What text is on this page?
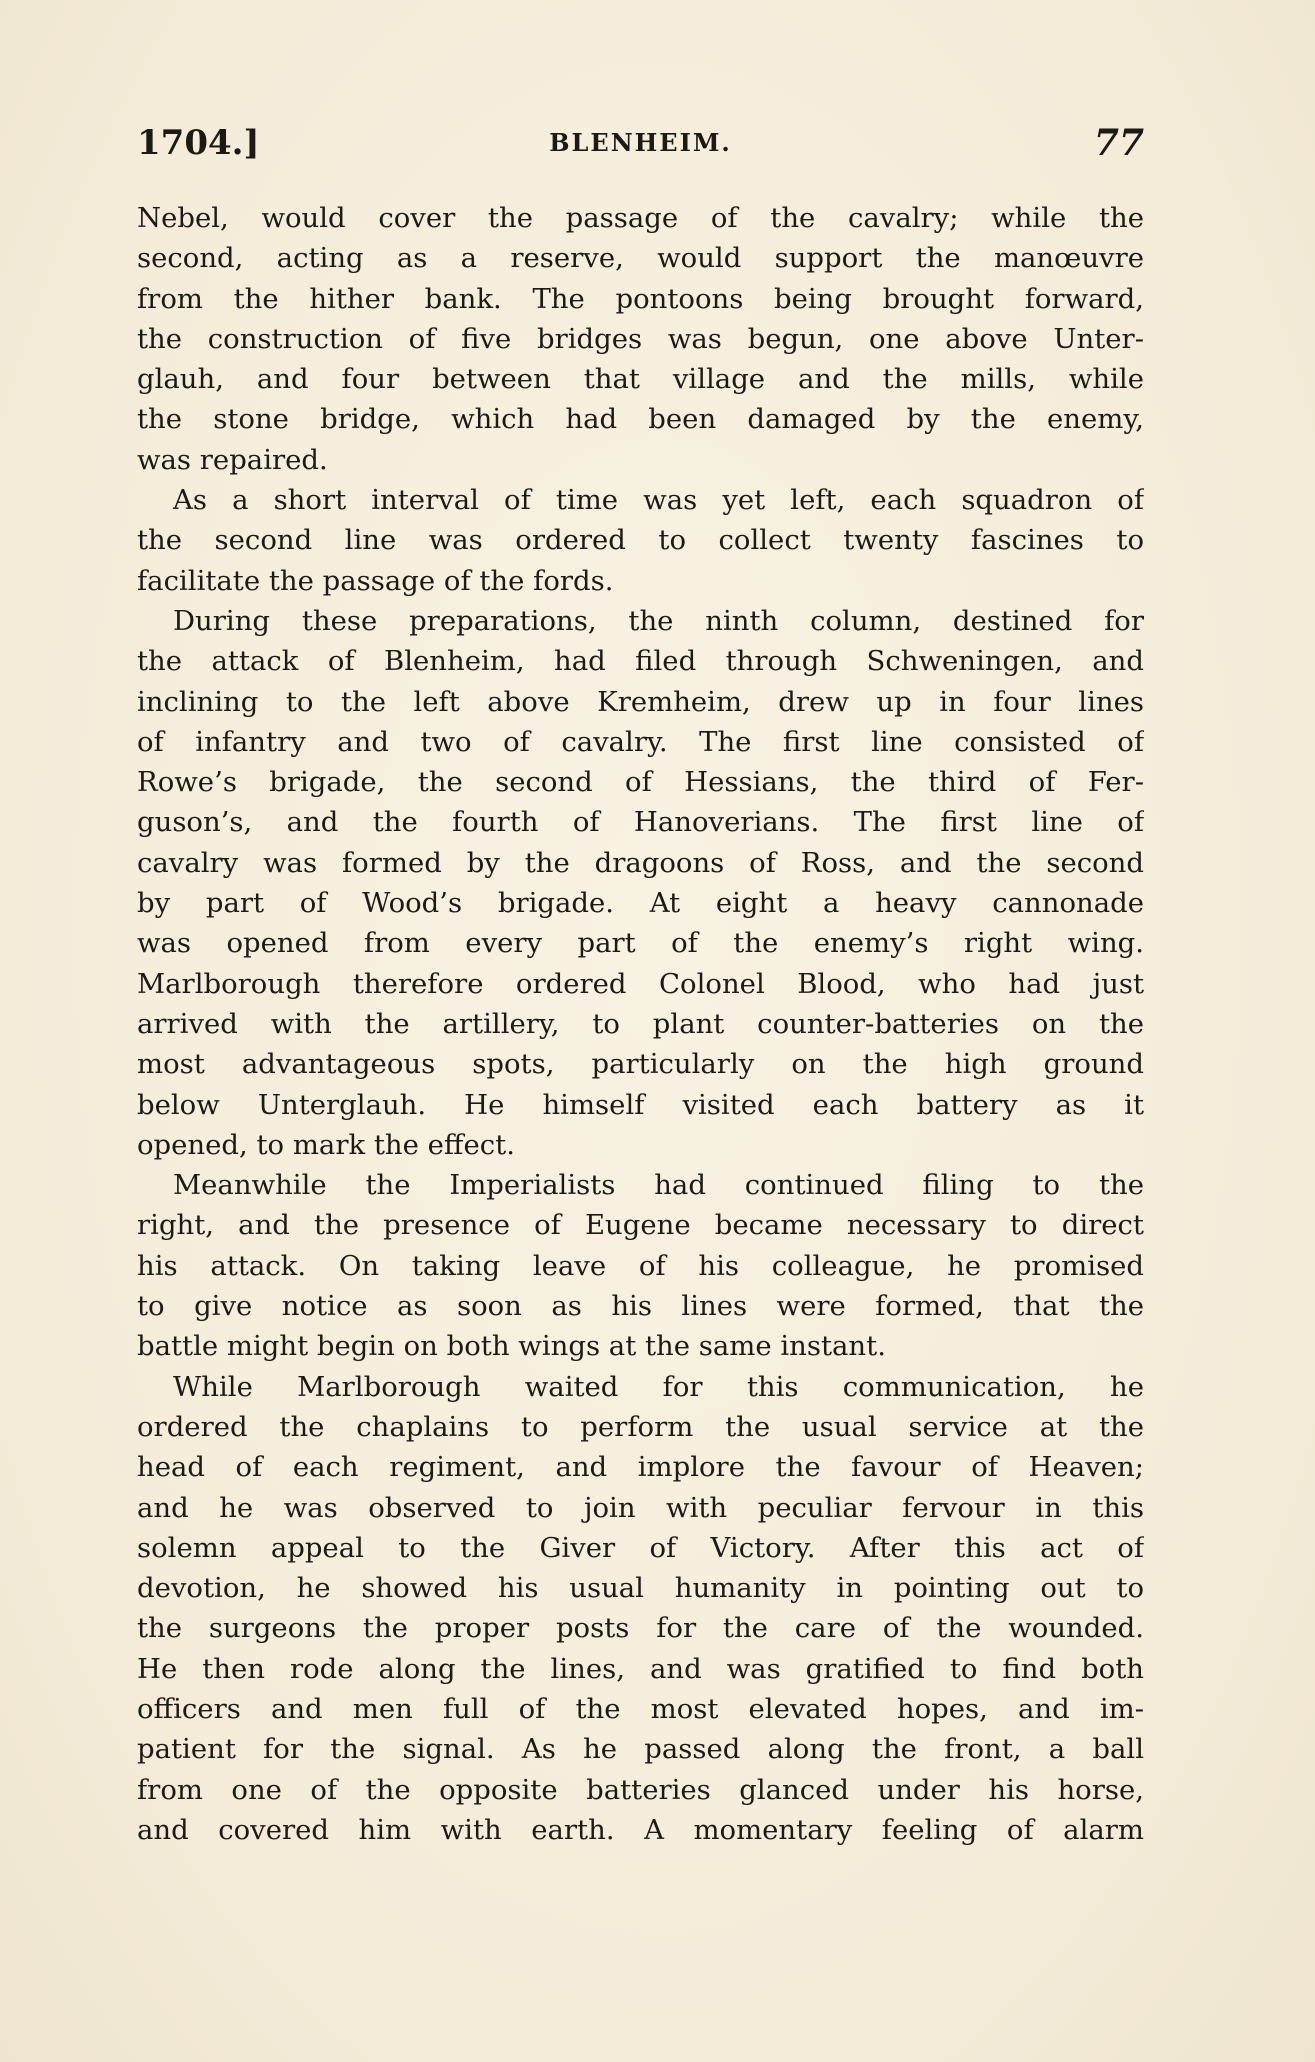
1704.]	BLENHEIM.	77
Nebel, would cover the passage of the cavalry; while the
second, acting as a reserve, would support the manœuvre
from the hither bank. The pontoons being brought forward,
the construction of five bridges was begun, one above Unter-
glauh, and four between that village and the mills, while
the stone bridge, which had been damaged by the enemy,
was repaired.
As a short interval of time was yet left, each squadron of
the second line was ordered to collect twenty fascines to
facilitate the passage of the fords.
During these preparations, the ninth column, destined for
the attack of Blenheim, had filed through Schweningen, and
inclining to the left above Kremheim, drew up in four lines
of infantry and two of cavalry. The first line consisted of
Rowe’s brigade, the second of Hessians, the third of Fer-
guson’s, and the fourth of Hanoverians. The first line of
cavalry was formed by the dragoons of Ross, and the second
by part of Wood’s brigade. At eight a heavy cannonade
was opened from every part of the enemy’s right wing.
Marlborough therefore ordered Colonel Blood, who had just
arrived with the artillery, to plant counter-batteries on the
most advantageous spots, particularly on the high ground
below Unterglauh. He himself visited each battery as it
opened, to mark the effect.
Meanwhile the Imperialists had continued filing to the
right, and the presence of Eugene became necessary to direct
his attack. On taking leave of his colleague, he promised
to give notice as soon as his lines were formed, that the
battle might begin on both wings at the same instant.
While Marlborough waited for this communication, he
ordered the chaplains to perform the usual service at the
head of each regiment, and implore the favour of Heaven;
and he was observed to join with peculiar fervour in this
solemn appeal to the Giver of Victory. After this act of
devotion, he showed his usual humanity in pointing out to
the surgeons the proper posts for the care of the wounded.
He then rode along the lines, and was gratified to find both
officers and men full of the most elevated hopes, and im-
patient for the signal. As he passed along the front, a ball
from one of the opposite batteries glanced under his horse,
and covered him with earth. A momentary feeling of alarm
